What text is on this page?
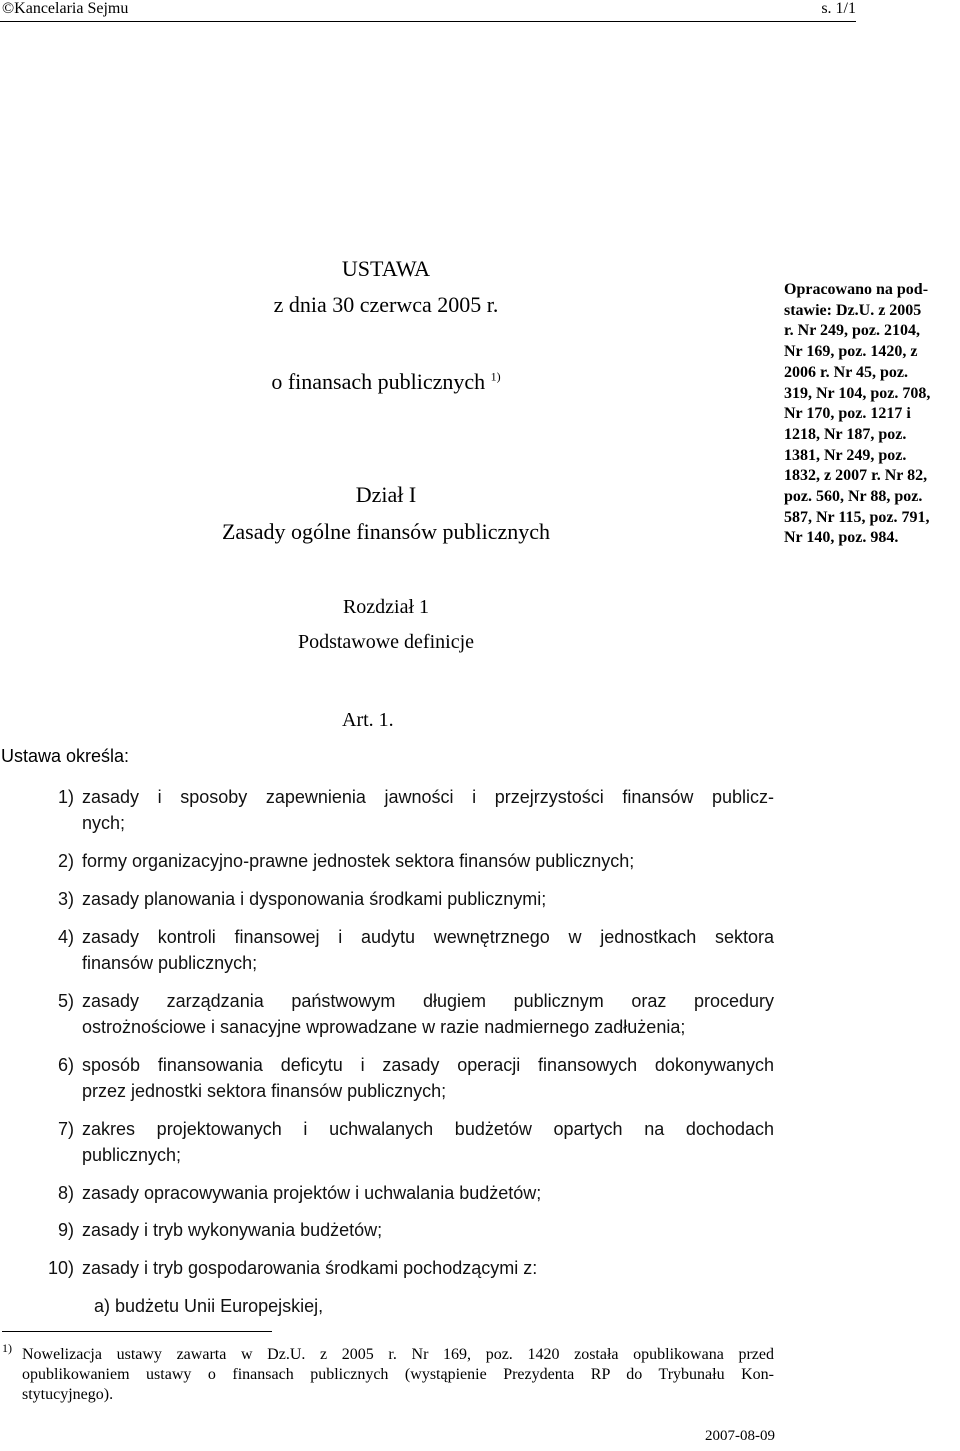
©Kancelaria Sejmu	s. 1/1
USTAWA
z dnia 30 czerwca 2005 r.
o finansach publicznych $^{1)}$
Dział I
Zasady ogólne finansów publicznych
Opracowano na pod-
stawie: Dz.U. z 2005
r. Nr 249, poz. 2104,
Nr 169, poz. 1420, z
2006 r. Nr 45, poz.
319, Nr 104, poz. 708,
Nr 170, poz. 1217 i
1218, Nr 187, poz.
1381, Nr 249, poz.
1832, z 2007 r. Nr 82,
poz. 560, Nr 88, poz.
587, Nr 115, poz. 791,
Nr 140, poz. 984.
Rozdział 1
Podstawowe definicje
Art. 1.
Ustawa określa:
1) zasady i sposoby zapewnienia jawności i przejrzystości finansów publicz-
nych;
2) formy organizacyjno-prawne jednostek sektora finansów publicznych;
3) zasady planowania i dysponowania środkami publicznymi;
4) zasady kontroli finansowej i audytu wewnętrznego w jednostkach sektora
finansów publicznych;
5) zasady zarządzania państwowym długiem publicznym oraz procedury
ostrożnościowe i sanacyjne wprowadzane w razie nadmiernego zadłużenia;
6) sposób finansowania deficytu i zasady operacji finansowych dokonywanych
przez jednostki sektora finansów publicznych;
7) zakres projektowanych i uchwalanych budżetów opartych na dochodach
publicznych;
8) zasady opracowywania projektów i uchwalania budżetów;
9) zasady i tryb wykonywania budżetów;
10) zasady i tryb gospodarowania środkami pochodzącymi z:
a) budżetu Unii Europejskiej,
1) Nowelizacja ustawy zawarta w Dz.U. z 2005 r. Nr 169, poz. 1420 została opublikowana przed
opublikowaniem ustawy o finansach publicznych (wystąpienie Prezydenta RP do Trybunału Kon-
stytucyjnego).
2007-08-09
